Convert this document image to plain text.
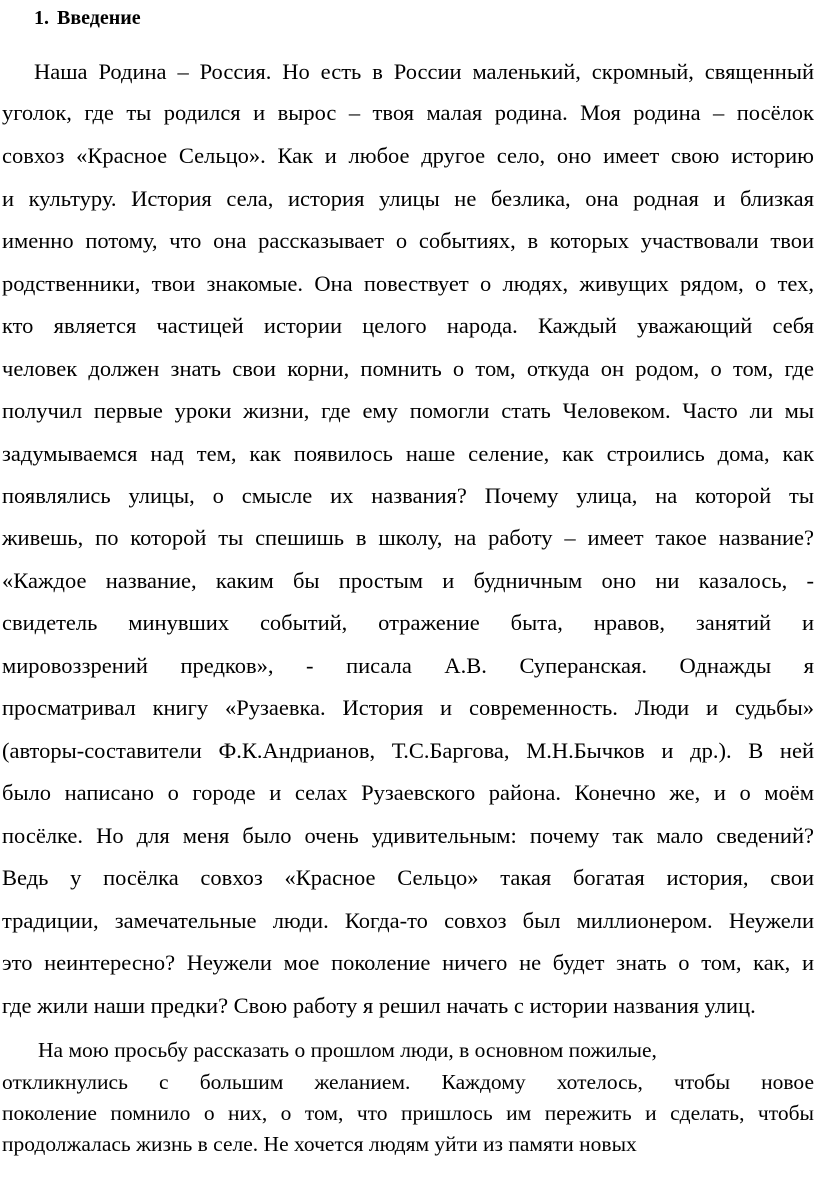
1. Введение
Наша Родина – Россия. Но есть в России маленький, скромный, священный
уголок, где ты родился и вырос – твоя малая родина. Моя родина – посёлок
совхоз «Красное Сельцо». Как и любое другое село, оно имеет свою историю
и культуру. История села, история улицы не безлика, она родная и близкая
именно потому, что она рассказывает о событиях, в которых участвовали твои
родственники, твои знакомые. Она повествует о людях, живущих рядом, о тех,
кто является частицей истории целого народа. Каждый уважающий себя
человек должен знать свои корни, помнить о том, откуда он родом, о том, где
получил первые уроки жизни, где ему помогли стать Человеком. Часто ли мы
задумываемся над тем, как появилось наше селение, как строились дома, как
появлялись улицы, о смысле их названия? Почему улица, на которой ты
живешь, по которой ты спешишь в школу, на работу – имеет такое название?
«Каждое название, каким бы простым и будничным оно ни казалось, -
свидетель минувших событий, отражение быта, нравов, занятий и
мировоззрений предков», - писала А.В. Суперанская. Однажды я
просматривал книгу «Рузаевка. История и современность. Люди и судьбы»
(авторы-составители Ф.К.Андрианов, Т.С.Баргова, М.Н.Бычков и др.). В ней
было написано о городе и селах Рузаевского района. Конечно же, и о моём
посёлке. Но для меня было очень удивительным: почему так мало сведений?
Ведь у посёлка совхоз «Красное Сельцо» такая богатая история, свои
традиции, замечательные люди. Когда-то совхоз был миллионером. Неужели
это неинтересно? Неужели мое поколение ничего не будет знать о том, как, и
где жили наши предки? Свою работу я решил начать с истории названия улиц.
На мою просьбу рассказать о прошлом люди, в основном пожилые,
откликнулись с большим желанием. Каждому хотелось, чтобы новое
поколение помнило о них, о том, что пришлось им пережить и сделать, чтобы
продолжалась жизнь в селе. Не хочется людям уйти из памяти новых
